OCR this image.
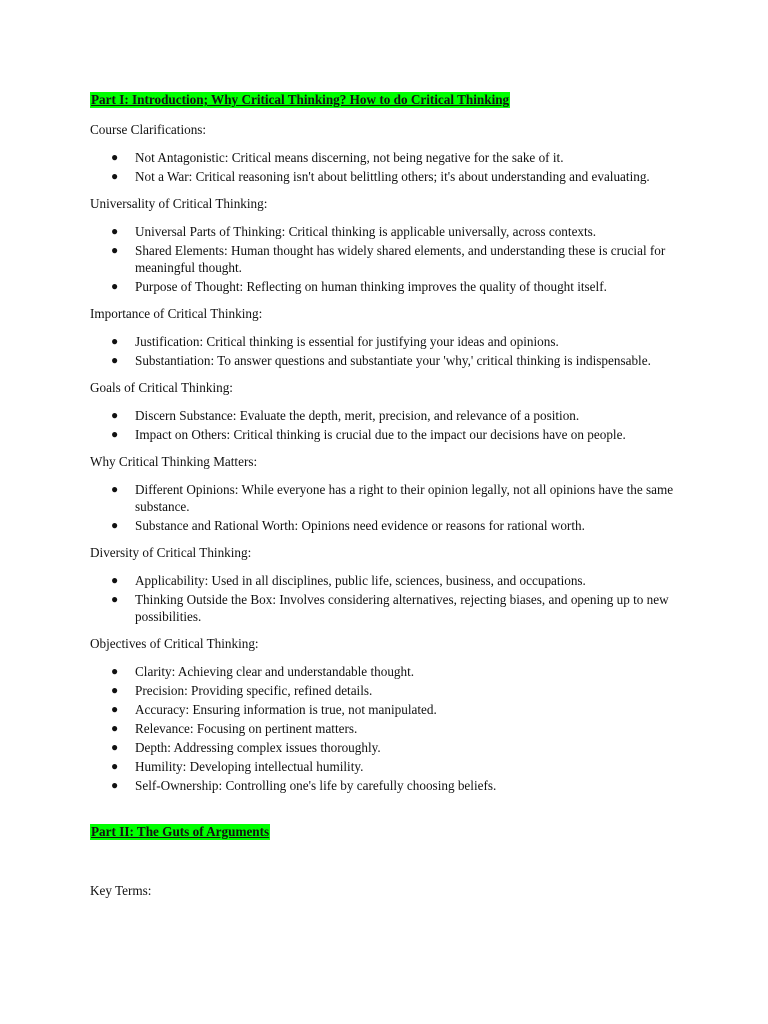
Part I: Introduction; Why Critical Thinking? How to do Critical Thinking

Course Clarifications:

● Not Antagonistic: Critical means discerning, not being negative for the sake of it.
● Not a War: Critical reasoning isn't about belittling others; it's about understanding and evaluating.

Universality of Critical Thinking:

● Universal Parts of Thinking: Critical thinking is applicable universally, across contexts.
● Shared Elements: Human thought has widely shared elements, and understanding these is crucial for meaningful thought.
● Purpose of Thought: Reflecting on human thinking improves the quality of thought itself.

Importance of Critical Thinking:

● Justification: Critical thinking is essential for justifying your ideas and opinions.
● Substantiation: To answer questions and substantiate your 'why,' critical thinking is indispensable.

Goals of Critical Thinking:

● Discern Substance: Evaluate the depth, merit, precision, and relevance of a position.
● Impact on Others: Critical thinking is crucial due to the impact our decisions have on people.

Why Critical Thinking Matters:

● Different Opinions: While everyone has a right to their opinion legally, not all opinions have the same substance.
● Substance and Rational Worth: Opinions need evidence or reasons for rational worth.

Diversity of Critical Thinking:

● Applicability: Used in all disciplines, public life, sciences, business, and occupations.
● Thinking Outside the Box: Involves considering alternatives, rejecting biases, and opening up to new possibilities.

Objectives of Critical Thinking:

● Clarity: Achieving clear and understandable thought.
● Precision: Providing specific, refined details.
● Accuracy: Ensuring information is true, not manipulated.
● Relevance: Focusing on pertinent matters.
● Depth: Addressing complex issues thoroughly.
● Humility: Developing intellectual humility.
● Self-Ownership: Controlling one's life by carefully choosing beliefs.
Part II: The Guts of Arguments

Key Terms:
